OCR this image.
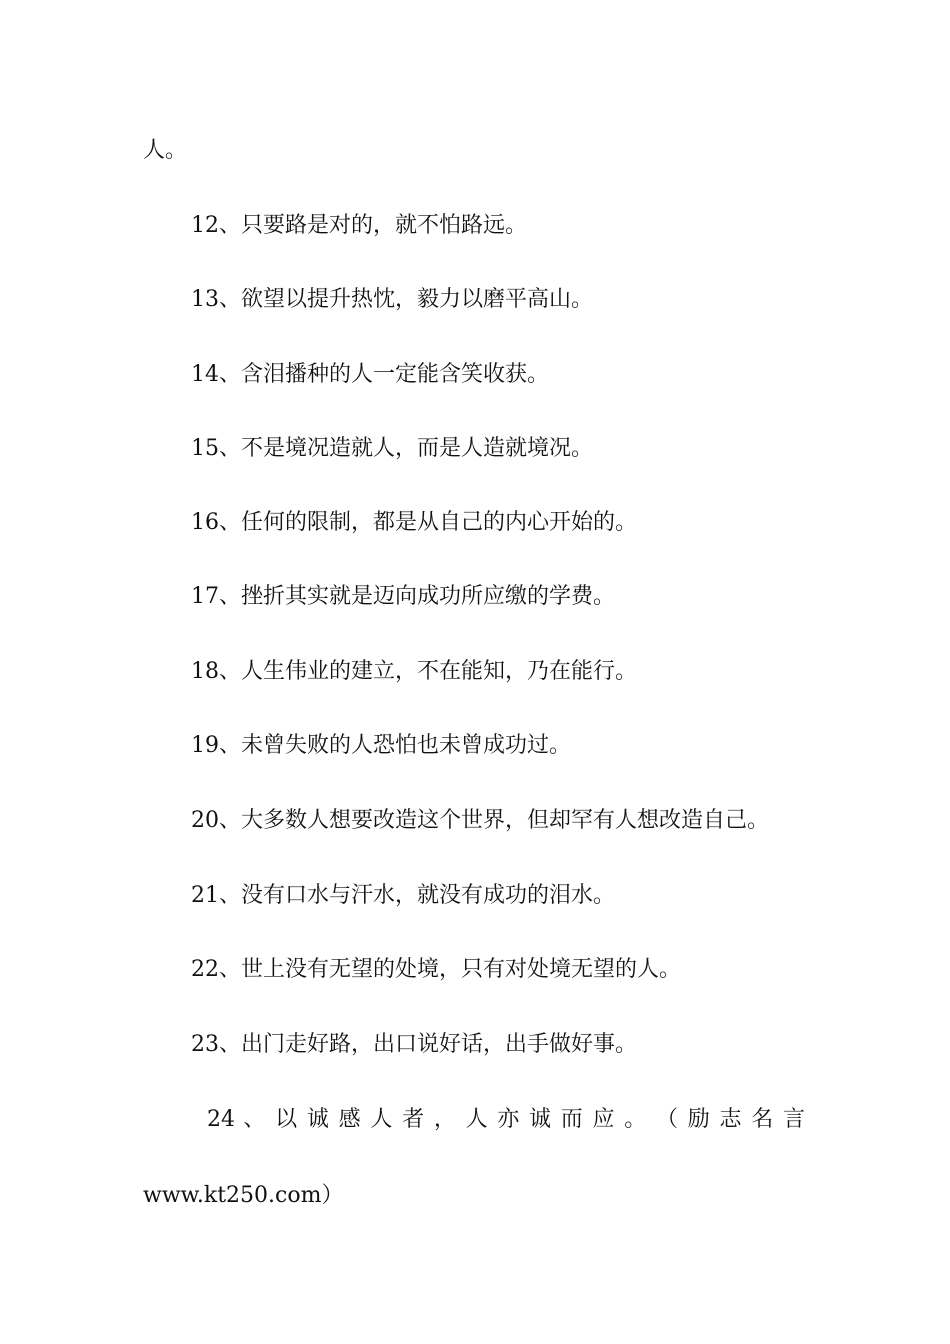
人。
12、只要路是对的，就不怕路远。
13、欲望以提升热忱，毅力以磨平高山。
14、含泪播种的人一定能含笑收获。
15、不是境况造就人，而是人造就境况。
16、任何的限制，都是从自己的内心开始的。
17、挫折其实就是迈向成功所应缴的学费。
18、人生伟业的建立，不在能知，乃在能行。
19、未曾失败的人恐怕也未曾成功过。
20、大多数人想要改造这个世界，但却罕有人想改造自己。
21、没有口水与汗水，就没有成功的泪水。
22、世上没有无望的处境，只有对处境无望的人。
23、出门走好路，出口说好话，出手做好事。
24 、 以 诚 感 人 者 ， 人 亦 诚 而 应 。 （ 励 志 名 言
www.kt250.com）
